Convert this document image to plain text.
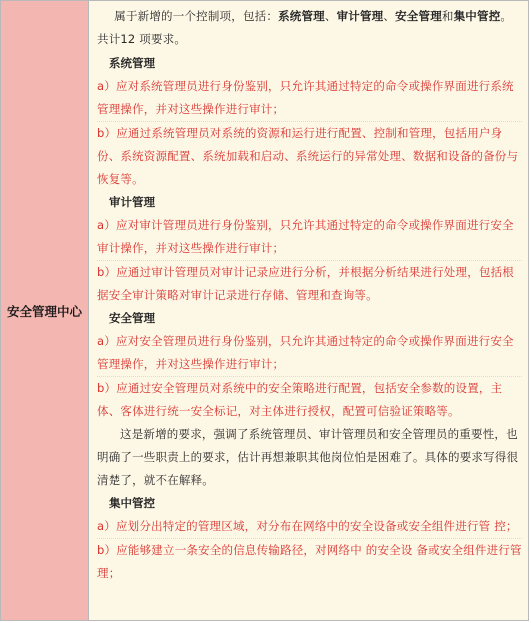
安全管理中心

属于新增的一个控制项，包括：系统管理、审计管理、安全管理和集中管控。共计12 项要求。

系统管理

a）应对系统管理员进行身份鉴别，只允许其通过特定的命令或操作界面进行系统管理操作，并对这些操作进行审计；

b）应通过系统管理员对系统的资源和运行进行配置、控制和管理，包括用户身份、系统资源配置、系统加载和启动、系统运行的异常处理、数据和设备的备份与恢复等。

审计管理

a）应对审计管理员进行身份鉴别，只允许其通过特定的命令或操作界面进行安全审计操作，并对这些操作进行审计；

b）应通过审计管理员对审计记录应进行分析，并根据分析结果进行处理，包括根据安全审计策略对审计记录进行存储、管理和查询等。

安全管理

a）应对安全管理员进行身份鉴别，只允许其通过特定的命令或操作界面进行安全管理操作，并对这些操作进行审计；

b）应通过安全管理员对系统中的安全策略进行配置，包括安全参数的设置，主体、客体进行统一安全标记，对主体进行授权，配置可信验证策略等。

这是新增的要求，强调了系统管理员、审计管理员和安全管理员的重要性，也明确了一些职责上的要求，估计再想兼职其他岗位怕是困难了。具体的要求写得很清楚了，就不在解释。

集中管控

a）应划分出特定的管理区域，对分布在网络中的安全设备或安全组件进行管 控；

b）应能够建立一条安全的信息传输路径，对网络中 的安全设 备或安全组件进行管理；
